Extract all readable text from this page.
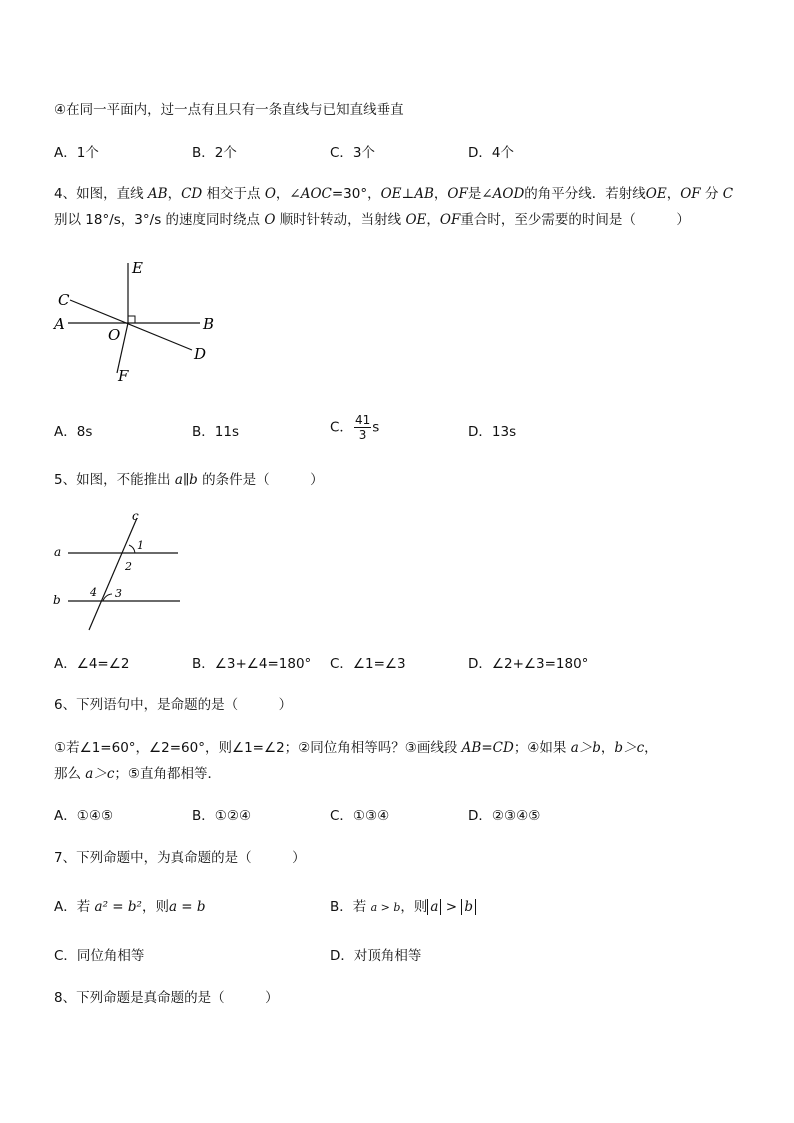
④在同一平面内，过一点有且只有一条直线与已知直线垂直
A．1个	B．2个	C．3个	D．4个
4、如图，直线 AB，CD 相交于点 O，∠AOC=30°，OE⊥AB，OF是∠AOD的角平分线．若射线OE，OF 分 C
别以 18°/s，3°/s 的速度同时绕点 O 顺时针转动，当射线 OE，OF重合时，至少需要的时间是（　　　）
E
C
A
O
B
D
F
A．8s	B．11s	C． $\frac{41}{3}$ s	D．13s
5、如图，不能推出 a∥b 的条件是（　　　）
c
a	1
2
b
4 3
A．∠4=∠2	B．∠3+∠4=180° C．∠1=∠3	D．∠2+∠3=180°
6、下列语句中，是命题的是（　　　）
①若∠1=60°，∠2=60°，则∠1=∠2；②同位角相等吗？③画线段 AB=CD；④如果 a＞b，b＞c，
那么 a＞c；⑤直角都相等．
A．①④⑤	B．①②④	C．①③④	D．②③④⑤
7、下列命题中，为真命题的是（　　　）
A．若 a² = b²，则a = b	B．若 a > b，则 a > b
C．同位角相等	D．对顶角相等
8、下列命题是真命题的是（　　　）
